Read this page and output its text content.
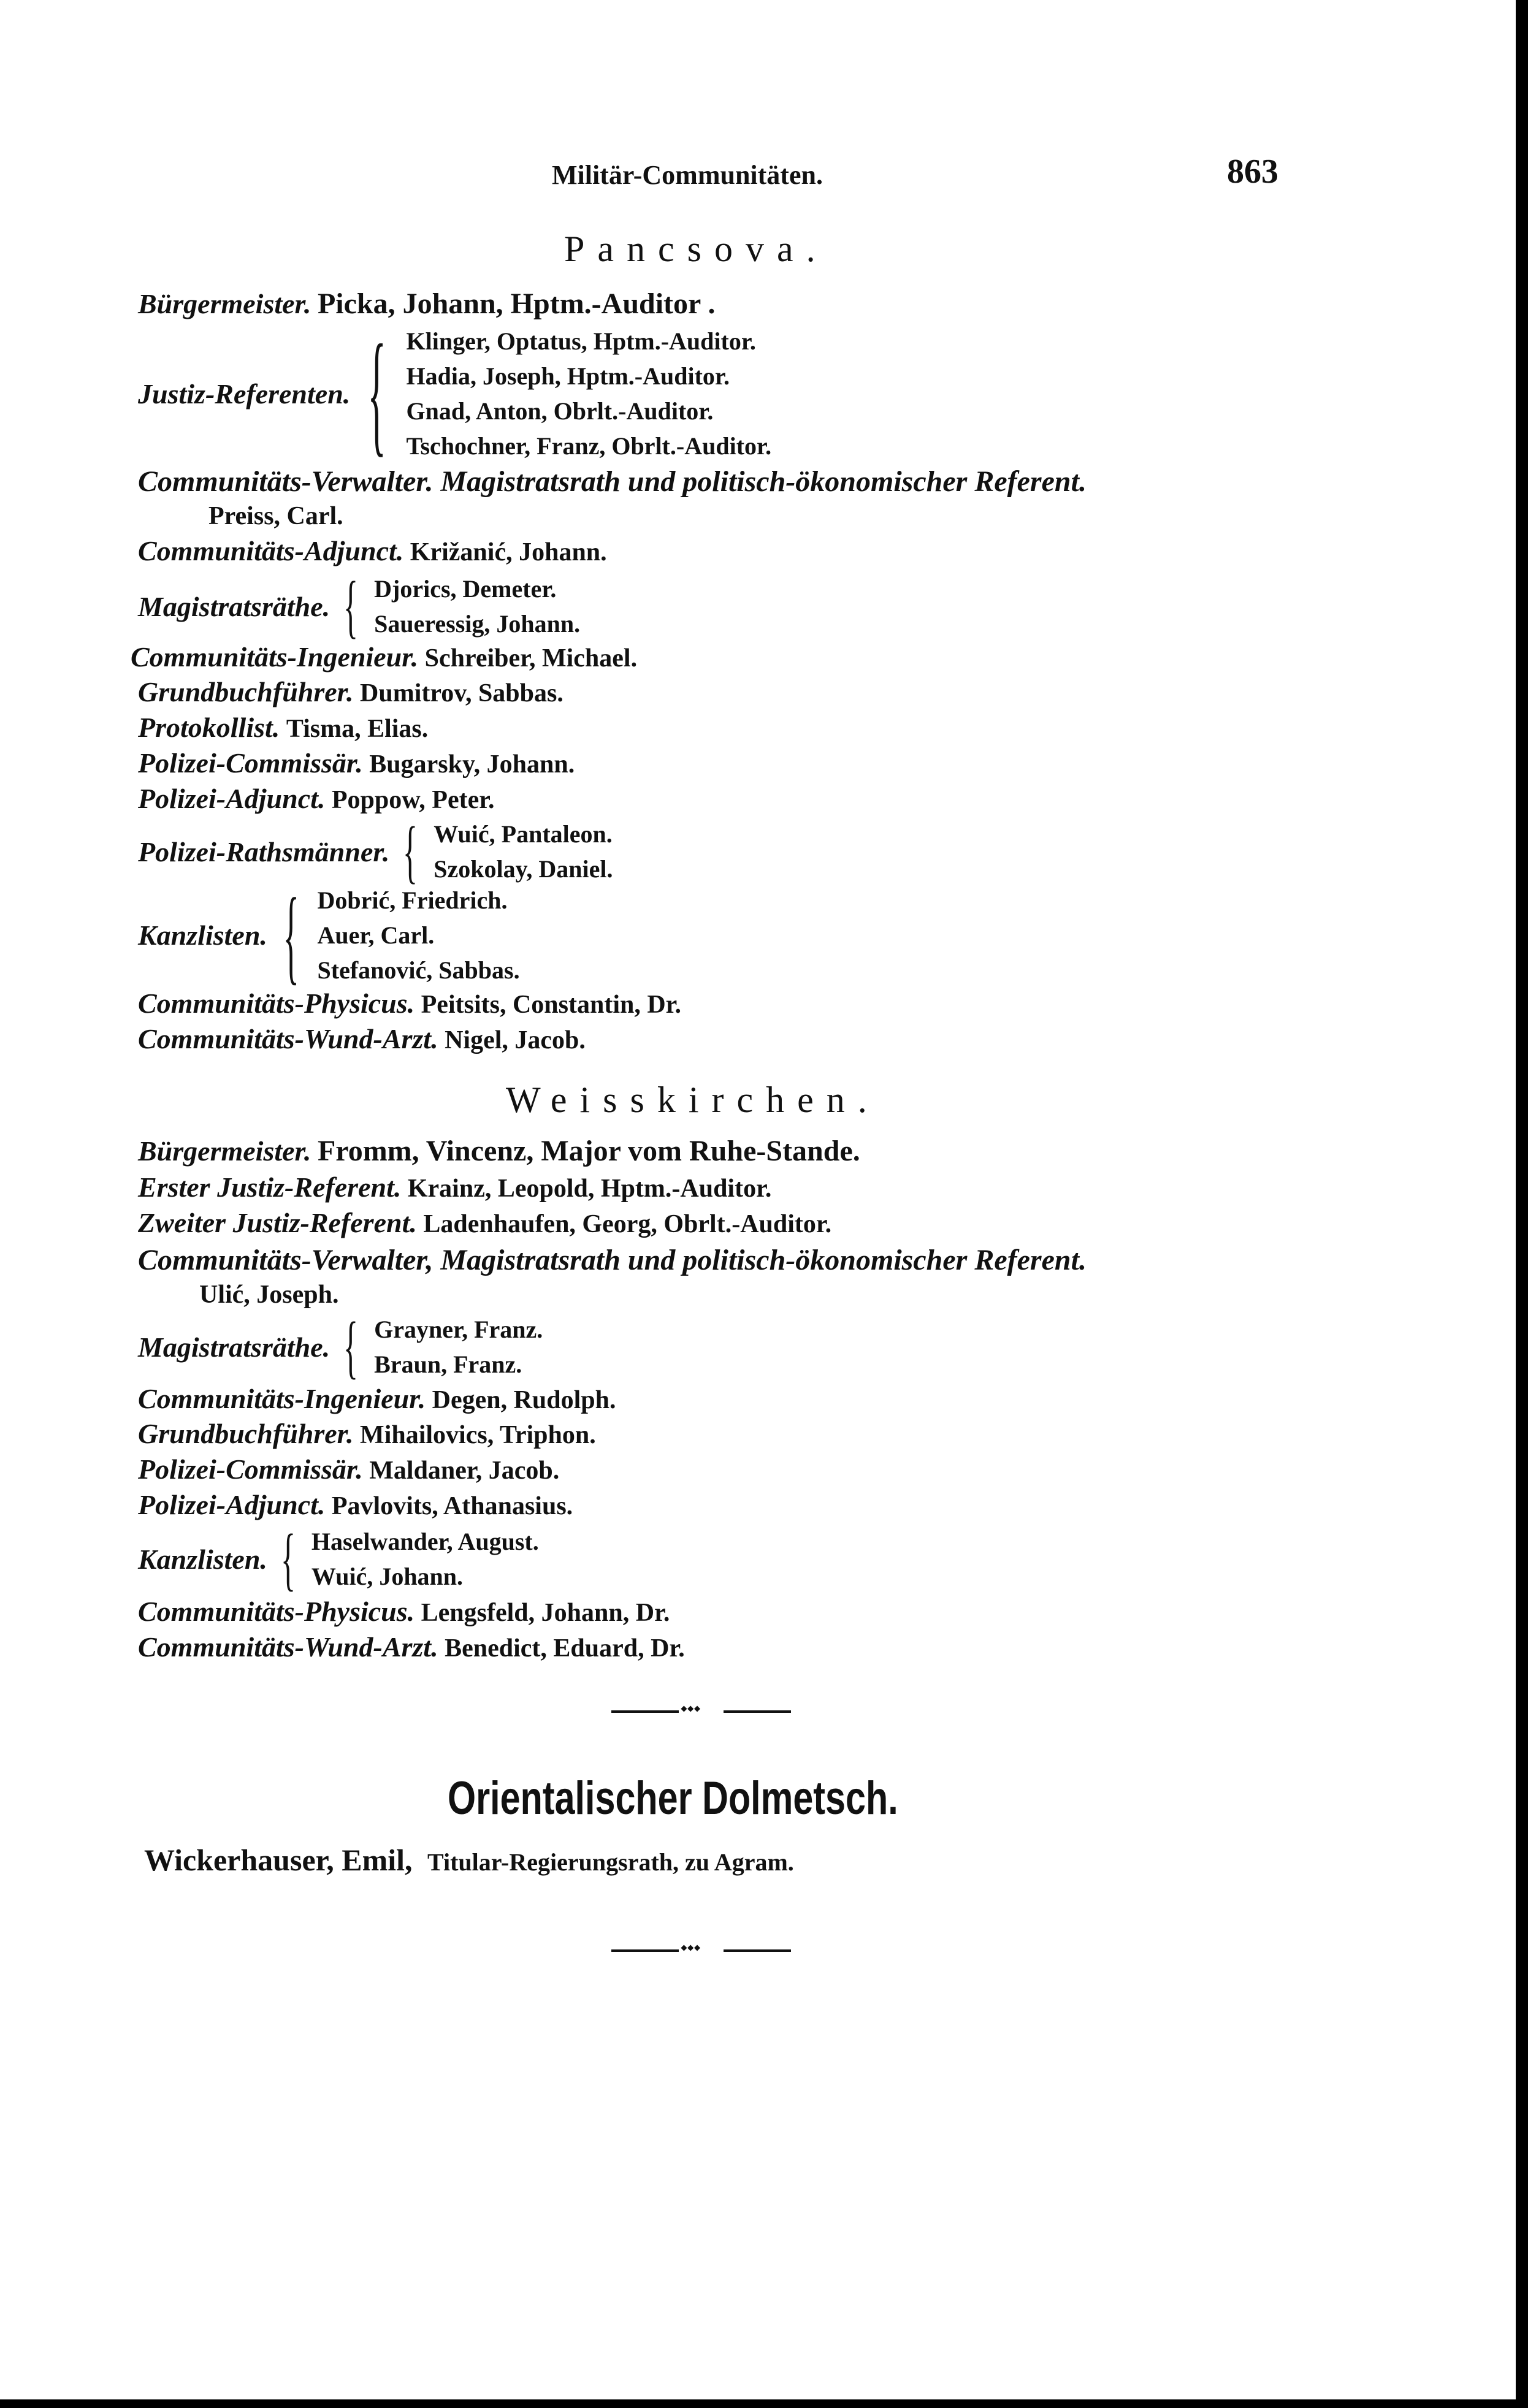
Militär-Communitäten.	863
Pancsova.
Bürgermeister. Picka, Johann, Hptm.-Auditor .
Justiz-Referenten. { Klinger, Optatus, Hptm.-Auditor.
Hadia, Joseph, Hptm.-Auditor.
Gnad, Anton, Obrlt.-Auditor.
Tschochner, Franz, Obrlt.-Auditor.
Communitäts-Verwalter. Magistratsrath und politisch-ökonomischer Referent.
Preiss, Carl.
Communitäts-Adjunct. Križanić, Johann.
Magistratsräthe. { Djorics, Demeter.
Saueressig, Johann.
Communitäts-Ingenieur. Schreiber, Michael.
Grundbuchführer. Dumitrov, Sabbas.
Protokollist. Tisma, Elias.
Polizei-Commissär. Bugarsky, Johann.
Polizei-Adjunct. Poppow, Peter.
Polizei-Rathsmänner. { Wuić, Pantaleon.
Szokolay, Daniel.
Kanzlisten. { Dobrić, Friedrich.
Auer, Carl.
Stefanović, Sabbas.
Communitäts-Physicus. Peitsits, Constantin, Dr.
Communitäts-Wund-Arzt. Nigel, Jacob.
Weisskirchen.
Bürgermeister. Fromm, Vincenz, Major vom Ruhe-Stande.
Erster Justiz-Referent. Krainz, Leopold, Hptm.-Auditor.
Zweiter Justiz-Referent. Ladenhaufen, Georg, Obrlt.-Auditor.
Communitäts-Verwalter, Magistratsrath und politisch-ökonomischer Referent.
Ulić, Joseph.
Magistratsräthe. { Grayner, Franz.
Braun, Franz.
Communitäts-Ingenieur. Degen, Rudolph.
Grundbuchführer. Mihailovics, Triphon.
Polizei-Commissär. Maldaner, Jacob.
Polizei-Adjunct. Pavlovits, Athanasius.
Kanzlisten. { Haselwander, August.
Wuić, Johann.
Communitäts-Physicus. Lengsfeld, Johann, Dr.
Communitäts-Wund-Arzt. Benedict, Eduard, Dr.
⬩⬩⬩
Orientalischer Dolmetsch.
Wickerhauser, Emil, Titular-Regierungsrath, zu Agram.
⬩⬩⬩
